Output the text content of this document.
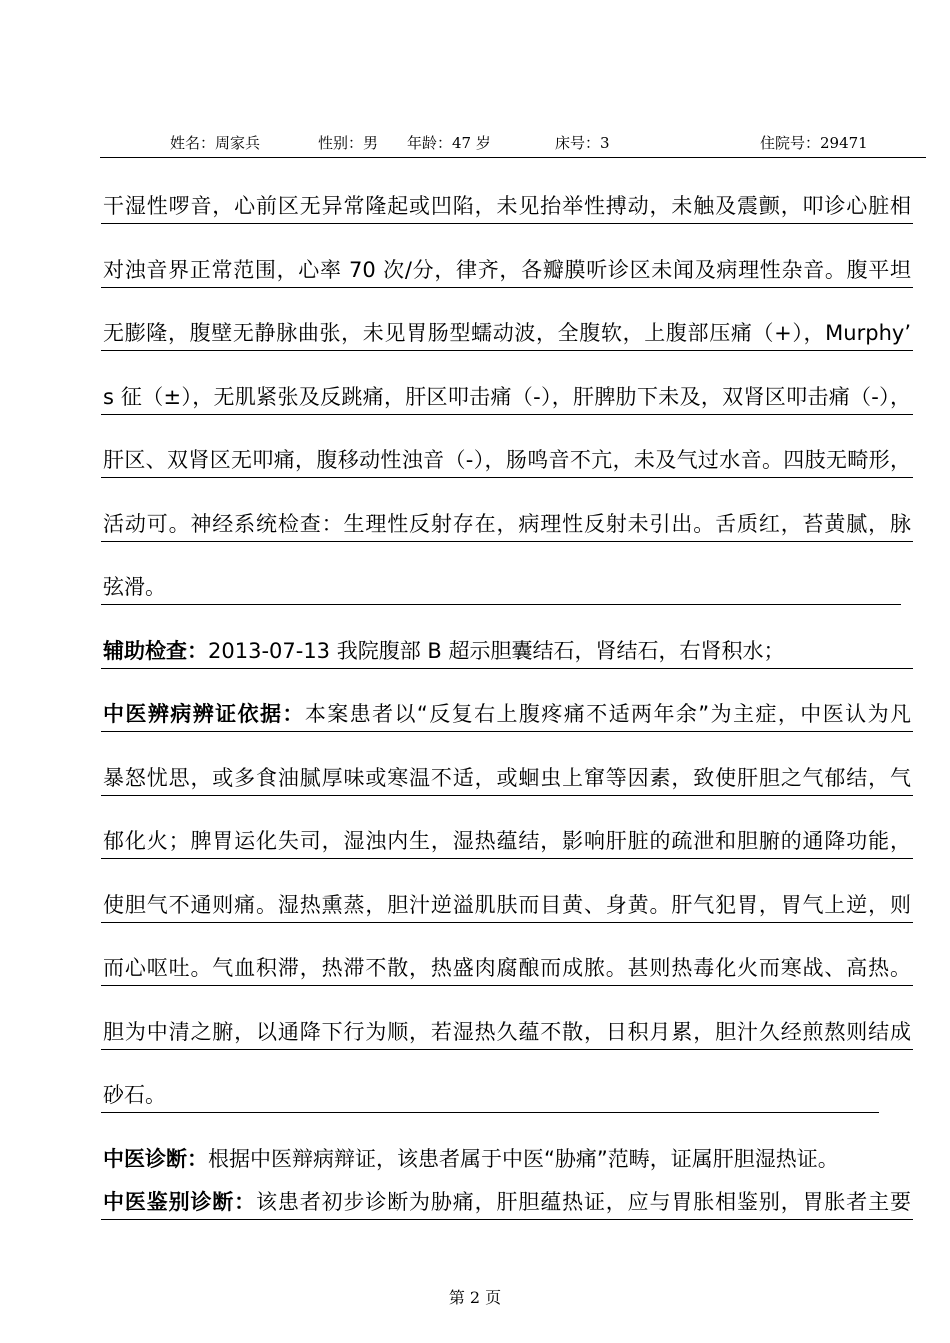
姓名：周家兵	性别：男 年龄：47 岁	床号：3	住院号：29471
干湿性啰音，心前区无异常隆起或凹陷，未见抬举性搏动，未触及震颤，叩诊心脏相
对浊音界正常范围，心率 70 次/分，律齐，各瓣膜听诊区未闻及病理性杂音。腹平坦
无膨隆，腹壁无静脉曲张，未见胃肠型蠕动波，全腹软，上腹部压痛（+），Murphy’
s 征（±），无肌紧张及反跳痛，肝区叩击痛（-），肝脾肋下未及，双肾区叩击痛（-），
肝区、双肾区无叩痛，腹移动性浊音（-），肠鸣音不亢，未及气过水音。四肢无畸形，
活动可。神经系统检查：生理性反射存在，病理性反射未引出。舌质红，苔黄腻，脉
弦滑。
辅助检查：2013-07-13 我院腹部 B 超示胆囊结石，肾结石，右肾积水；
中医辨病辨证依据：本案患者以“反复右上腹疼痛不适两年余”为主症，中医认为凡
暴怒忧思，或多食油腻厚味或寒温不适，或蛔虫上窜等因素，致使肝胆之气郁结，气
郁化火；脾胃运化失司，湿浊内生，湿热蕴结，影响肝脏的疏泄和胆腑的通降功能，
使胆气不通则痛。湿热熏蒸，胆汁逆溢肌肤而目黄、身黄。肝气犯胃，胃气上逆，则
而心呕吐。气血积滞，热滞不散，热盛肉腐酿而成脓。甚则热毒化火而寒战、高热。
胆为中清之腑，以通降下行为顺，若湿热久蕴不散，日积月累，胆汁久经煎熬则结成
砂石。
中医诊断：根据中医辩病辩证，该患者属于中医“胁痛”范畴，证属肝胆湿热证。
中医鉴别诊断：该患者初步诊断为胁痛，肝胆蕴热证，应与胃胀相鉴别，胃胀者主要
第 2 页
